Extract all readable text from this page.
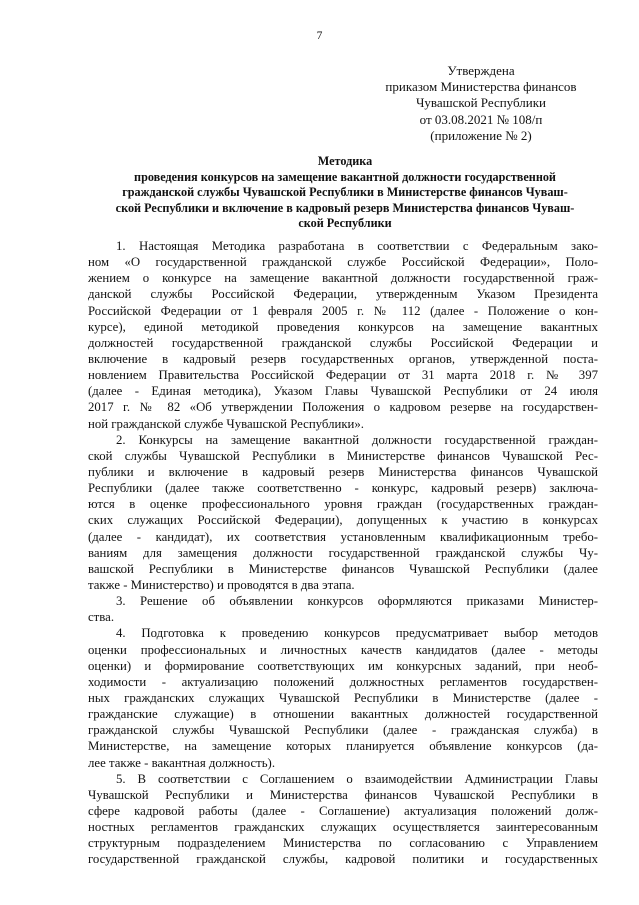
7
Утверждена
приказом Министерства финансов
Чувашской Республики
от 03.08.2021 № 108/п
(приложение № 2)
Методика
проведения конкурсов на замещение вакантной должности государственной
гражданской службы Чувашской Республики в Министерстве финансов Чуваш-
ской Республики и включение в кадровый резерв Министерства финансов Чуваш-
ской Республики
1. Настоящая Методика разработана в соответствии с Федеральным зако-
ном «О государственной гражданской службе Российской Федерации», Поло-
жением о конкурсе на замещение вакантной должности государственной граж-
данской службы Российской Федерации, утвержденным Указом Президента
Российской Федерации от 1 февраля 2005 г. № 112 (далее - Положение о кон-
курсе), единой методикой проведения конкурсов на замещение вакантных
должностей государственной гражданской службы Российской Федерации и
включение в кадровый резерв государственных органов, утвержденной поста-
новлением Правительства Российской Федерации от 31 марта 2018 г. № 397
(далее - Единая методика), Указом Главы Чувашской Республики от 24 июля
2017 г. № 82 «Об утверждении Положения о кадровом резерве на государствен-
ной гражданской службе Чувашской Республики».
2. Конкурсы на замещение вакантной должности государственной граждан-
ской службы Чувашской Республики в Министерстве финансов Чувашской Рес-
публики и включение в кадровый резерв Министерства финансов Чувашской
Республики (далее также соответственно - конкурс, кадровый резерв) заключа-
ются в оценке профессионального уровня граждан (государственных граждан-
ских служащих Российской Федерации), допущенных к участию в конкурсах
(далее - кандидат), их соответствия установленным квалификационным требо-
ваниям для замещения должности государственной гражданской службы Чу-
вашской Республики в Министерстве финансов Чувашской Республики (далее
также - Министерство) и проводятся в два этапа.
3. Решение об объявлении конкурсов оформляются приказами Министер-
ства.
4. Подготовка к проведению конкурсов предусматривает выбор методов
оценки профессиональных и личностных качеств кандидатов (далее - методы
оценки) и формирование соответствующих им конкурсных заданий, при необ-
ходимости - актуализацию положений должностных регламентов государствен-
ных гражданских служащих Чувашской Республики в Министерстве (далее -
гражданские служащие) в отношении вакантных должностей государственной
гражданской службы Чувашской Республики (далее - гражданская служба) в
Министерстве, на замещение которых планируется объявление конкурсов (да-
лее также - вакантная должность).
5. В соответствии с Соглашением о взаимодействии Администрации Главы
Чувашской Республики и Министерства финансов Чувашской Республики в
сфере кадровой работы (далее - Соглашение) актуализация положений долж-
ностных регламентов гражданских служащих осуществляется заинтересованным
структурным подразделением Министерства по согласованию с Управлением
государственной гражданской службы, кадровой политики и государственных
